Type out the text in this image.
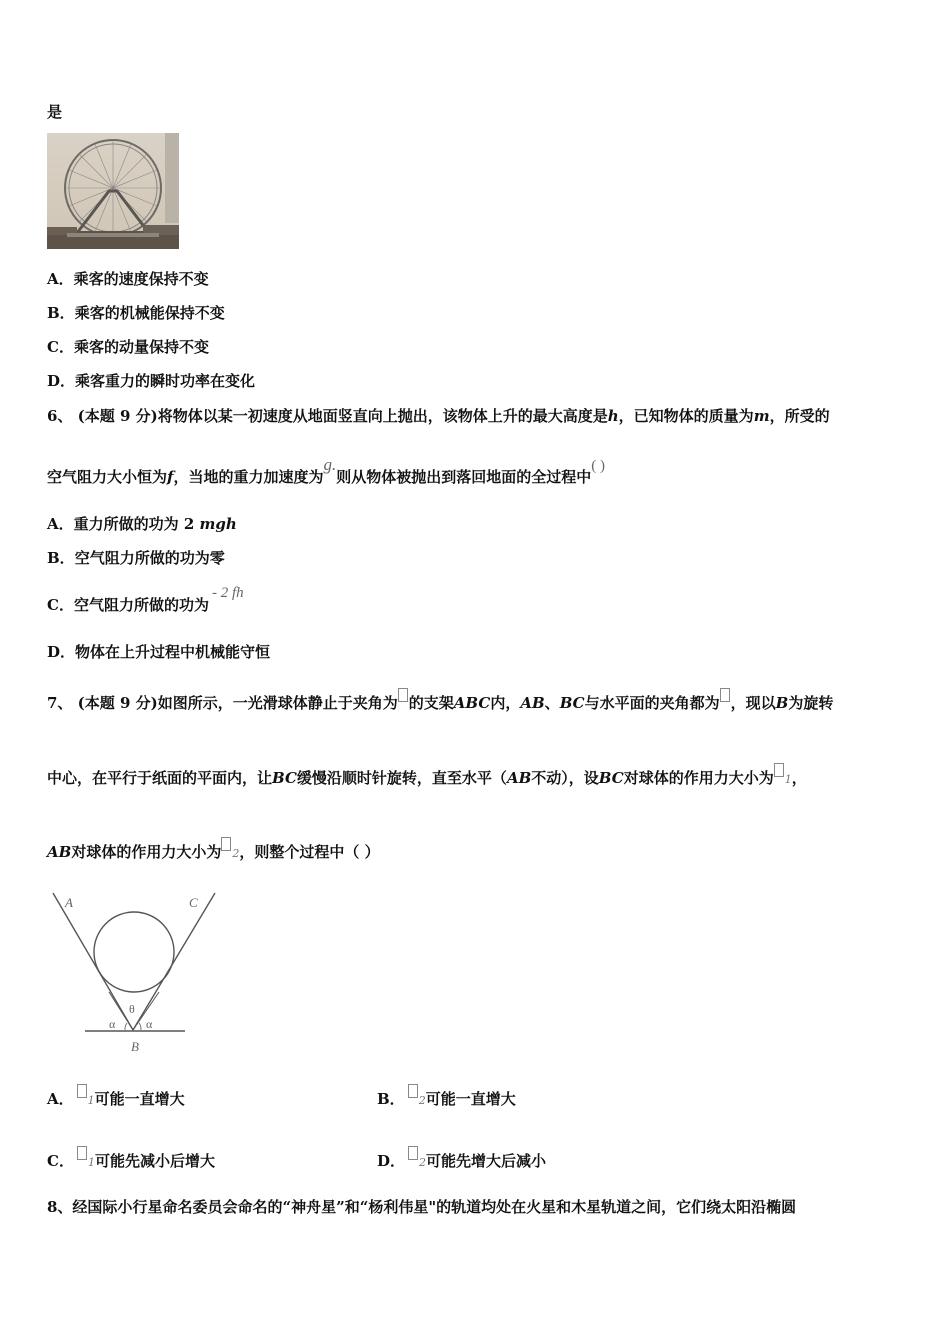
是
A．乘客的速度保持不变
B．乘客的机械能保持不变
C．乘客的动量保持不变
D．乘客重力的瞬时功率在变化
6、 (本题 9 分)将物体以某一初速度从地面竖直向上抛出，该物体上升的最大高度是h，已知物体的质量为m，所受的
空气阻力大小恒为f，当地的重力加速度为g.则从物体被抛出到落回地面的全过程中( )
A．重力所做的功为 2 mgh
B．空气阻力所做的功为零
C．空气阻力所做的功为- 2 fh
D．物体在上升过程中机械能守恒
7、 (本题 9 分)如图所示，一光滑球体静止于夹角为 的支架ABC内，AB、BC与水平面的夹角都为 ，现以B为旋转
中心，在平行于纸面的平面内，让BC缓慢沿顺时针旋转，直至水平（AB不动），设BC对球体的作用力大小为 1，
AB对球体的作用力大小为 2，则整个过程中（ ）
A	C
B
θ
α	α
A． 1可能一直增大	B． 2可能一直增大
C． 1可能先减小后增大	D． 2可能先增大后减小
8、经国际小行星命名委员会命名的“神舟星”和“杨利伟星"的轨道均处在火星和木星轨道之间，它们绕太阳沿椭圆
